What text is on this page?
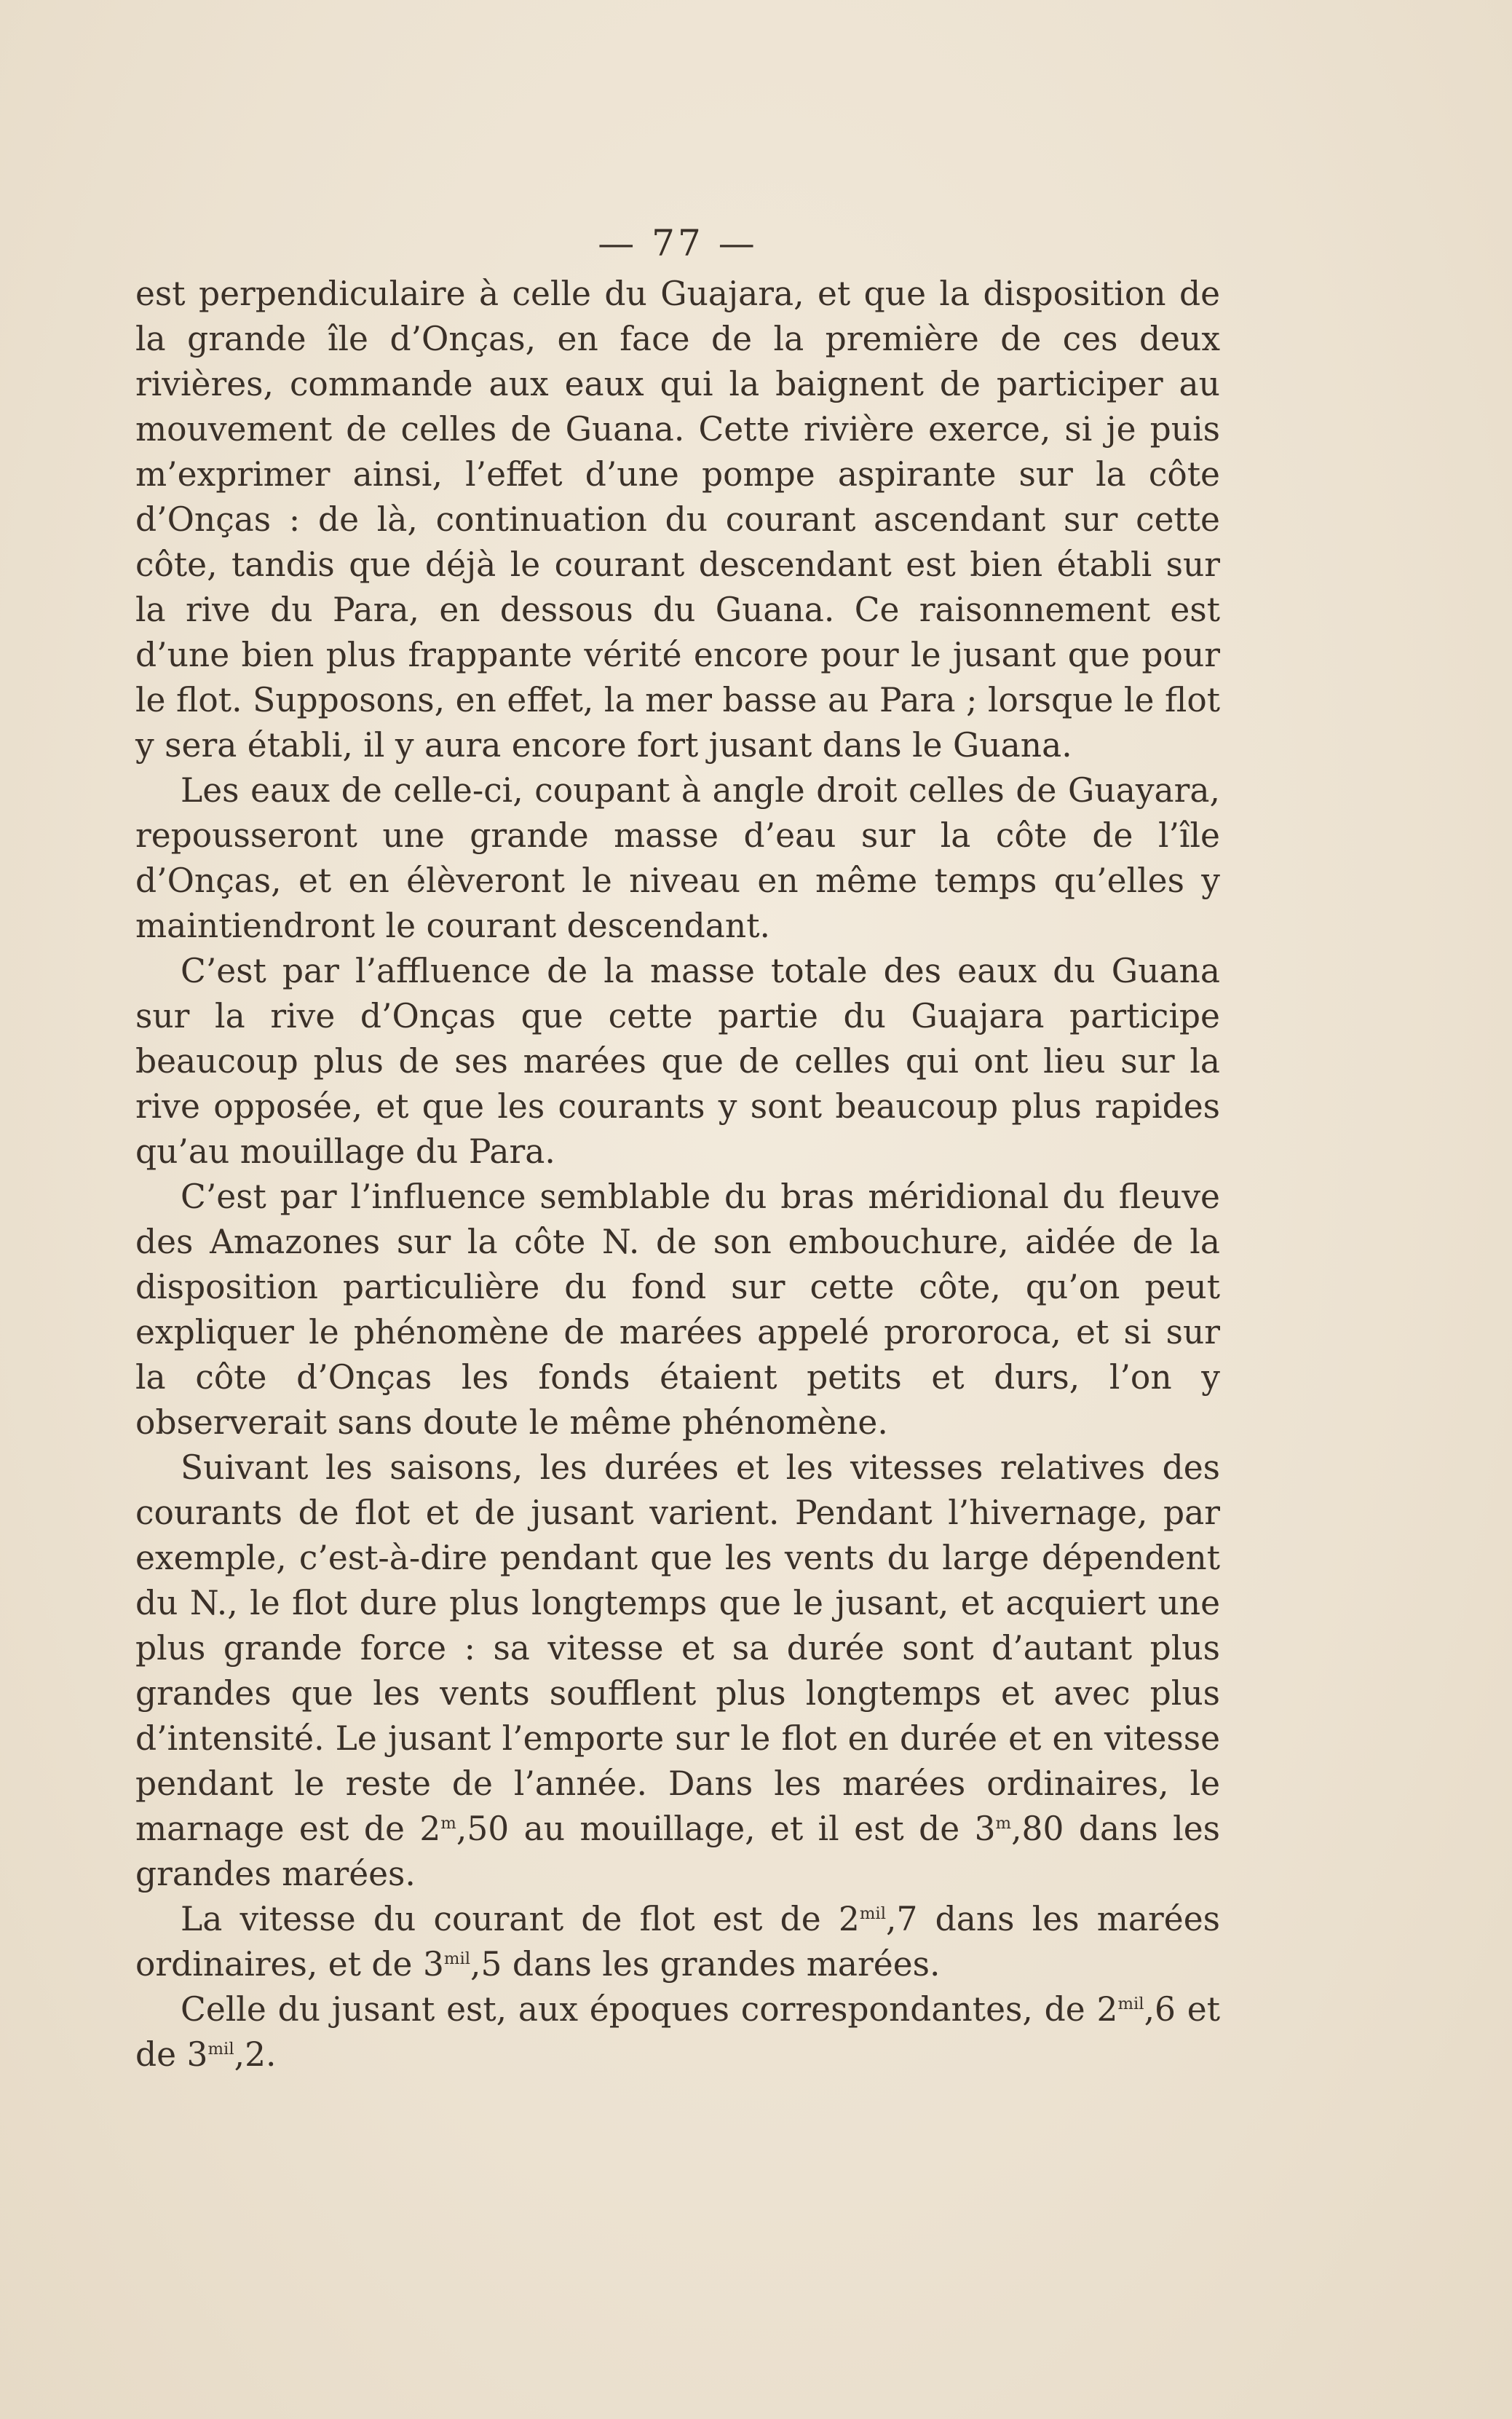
— 77 —

est perpendiculaire à celle du Guajara, et que la disposition de la grande île d’Onças, en face de la première de ces deux rivières, commande aux eaux qui la baignent de participer au mouvement de celles de Guana. Cette rivière exerce, si je puis m’exprimer ainsi, l’effet d’une pompe aspirante sur la côte d’Onças : de là, continuation du courant ascendant sur cette côte, tandis que déjà le courant descendant est bien établi sur la rive du Para, en dessous du Guana. Ce raisonnement est d’une bien plus frappante vérité encore pour le jusant que pour le flot. Supposons, en effet, la mer basse au Para ; lorsque le flot y sera établi, il y aura encore fort jusant dans le Guana.

Les eaux de celle-ci, coupant à angle droit celles de Guayara, repousseront une grande masse d’eau sur la côte de l’île d’Onças, et en élèveront le niveau en même temps qu’elles y maintiendront le courant descendant.

C’est par l’affluence de la masse totale des eaux du Guana sur la rive d’Onças que cette partie du Guajara participe beaucoup plus de ses marées que de celles qui ont lieu sur la rive opposée, et que les courants y sont beaucoup plus rapides qu’au mouillage du Para.

C’est par l’influence semblable du bras méridional du fleuve des Amazones sur la côte N. de son embouchure, aidée de la disposition particulière du fond sur cette côte, qu’on peut expliquer le phénomène de marées appelé prororoca, et si sur la côte d’Onças les fonds étaient petits et durs, l’on y observerait sans doute le même phénomène.

Suivant les saisons, les durées et les vitesses relatives des courants de flot et de jusant varient. Pendant l’hivernage, par exemple, c’est-à-dire pendant que les vents du large dépendent du N., le flot dure plus longtemps que le jusant, et acquiert une plus grande force : sa vitesse et sa durée sont d’autant plus grandes que les vents soufflent plus longtemps et avec plus d’intensité. Le jusant l’emporte sur le flot en durée et en vitesse pendant le reste de l’année. Dans les marées ordinaires, le marnage est de 2$^m$,50 au mouillage, et il est de 3$^m$,80 dans les grandes marées.

La vitesse du courant de flot est de $2^{mil},7$ dans les marées ordinaires, et de $3^{mil},5$ dans les grandes marées.

Celle du jusant est, aux époques correspondantes, de $2^{mil},6$ et de $3^{mil},2$.
